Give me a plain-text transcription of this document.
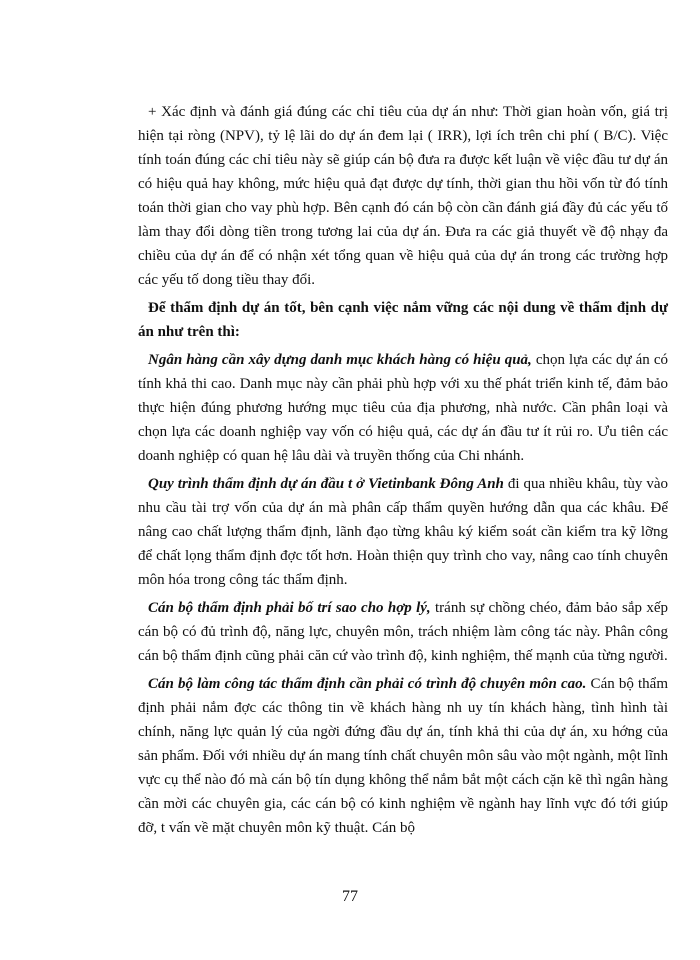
+ Xác định và đánh giá đúng các chỉ tiêu của dự án như: Thời gian hoàn vốn, giá trị hiện tại ròng (NPV), tỷ lệ lãi do dự án đem lại ( IRR), lợi ích trên chi phí ( B/C). Việc tính toán đúng các chỉ tiêu này sẽ giúp cán bộ đưa ra được kết luận về việc đầu tư dự án có hiệu quả hay không, mức hiệu quả đạt được dự tính, thời gian thu hồi vốn từ đó tính toán thời gian cho vay phù hợp. Bên cạnh đó cán bộ còn cần đánh giá đầy đủ các yếu tố làm thay đổi dòng tiền trong tương lai của dự án. Đưa ra các giả thuyết về độ nhạy đa chiều của dự án để có nhận xét tổng quan về hiệu quả của dự án trong các trường hợp các yếu tố dong tiều thay đổi.

Để thẩm định dự án tốt, bên cạnh việc nắm vững các nội dung về thẩm định dự án như trên thì:

Ngân hàng cần xây dựng danh mục khách hàng có hiệu quả, chọn lựa các dự án có tính khả thi cao. Danh mục này cần phải phù hợp với xu thế phát triển kinh tế, đảm bảo thực hiện đúng phương hướng mục tiêu của địa phương, nhà nước. Cần phân loại và chọn lựa các doanh nghiệp vay vốn có hiệu quả, các dự án đầu tư ít rủi ro. Ưu tiên các doanh nghiệp có quan hệ lâu dài và truyền thống của Chi nhánh.

Quy trình thẩm định dự án đầu t ở Vietinbank Đông Anh đi qua nhiều khâu, tùy vào nhu cầu tài trợ vốn của dự án mà phân cấp thẩm quyền hướng dẫn qua các khâu. Để nâng cao chất lượng thẩm định, lãnh đạo từng khâu ký kiểm soát cần kiểm tra kỹ lỡng để chất lọng thẩm định đợc tốt hơn. Hoàn thiện quy trình cho vay, nâng cao tính chuyên môn hóa trong công tác thẩm định.

Cán bộ thẩm định phải bố trí sao cho hợp lý, tránh sự chồng chéo, đảm bảo sắp xếp cán bộ có đủ trình độ, năng lực, chuyên môn, trách nhiệm làm công tác này. Phân công cán bộ thẩm định cũng phải căn cứ vào trình độ, kinh nghiệm, thế mạnh của từng người.

Cán bộ làm công tác thẩm định cần phải có trình độ chuyên môn cao. Cán bộ thẩm định phải nắm đợc các thông tin về khách hàng nh uy tín khách hàng, tình hình tài chính, năng lực quản lý của ngời đứng đầu dự án, tính khả thi của dự án, xu hớng của sản phẩm. Đối với nhiều dự án mang tính chất chuyên môn sâu vào một ngành, một lĩnh vực cụ thể nào đó mà cán bộ tín dụng không thể nắm bắt một cách cặn kẽ thì ngân hàng cần mời các chuyên gia, các cán bộ có kinh nghiệm về ngành hay lĩnh vực đó tới giúp đỡ, t vấn về mặt chuyên môn kỹ thuật. Cán bộ

77
